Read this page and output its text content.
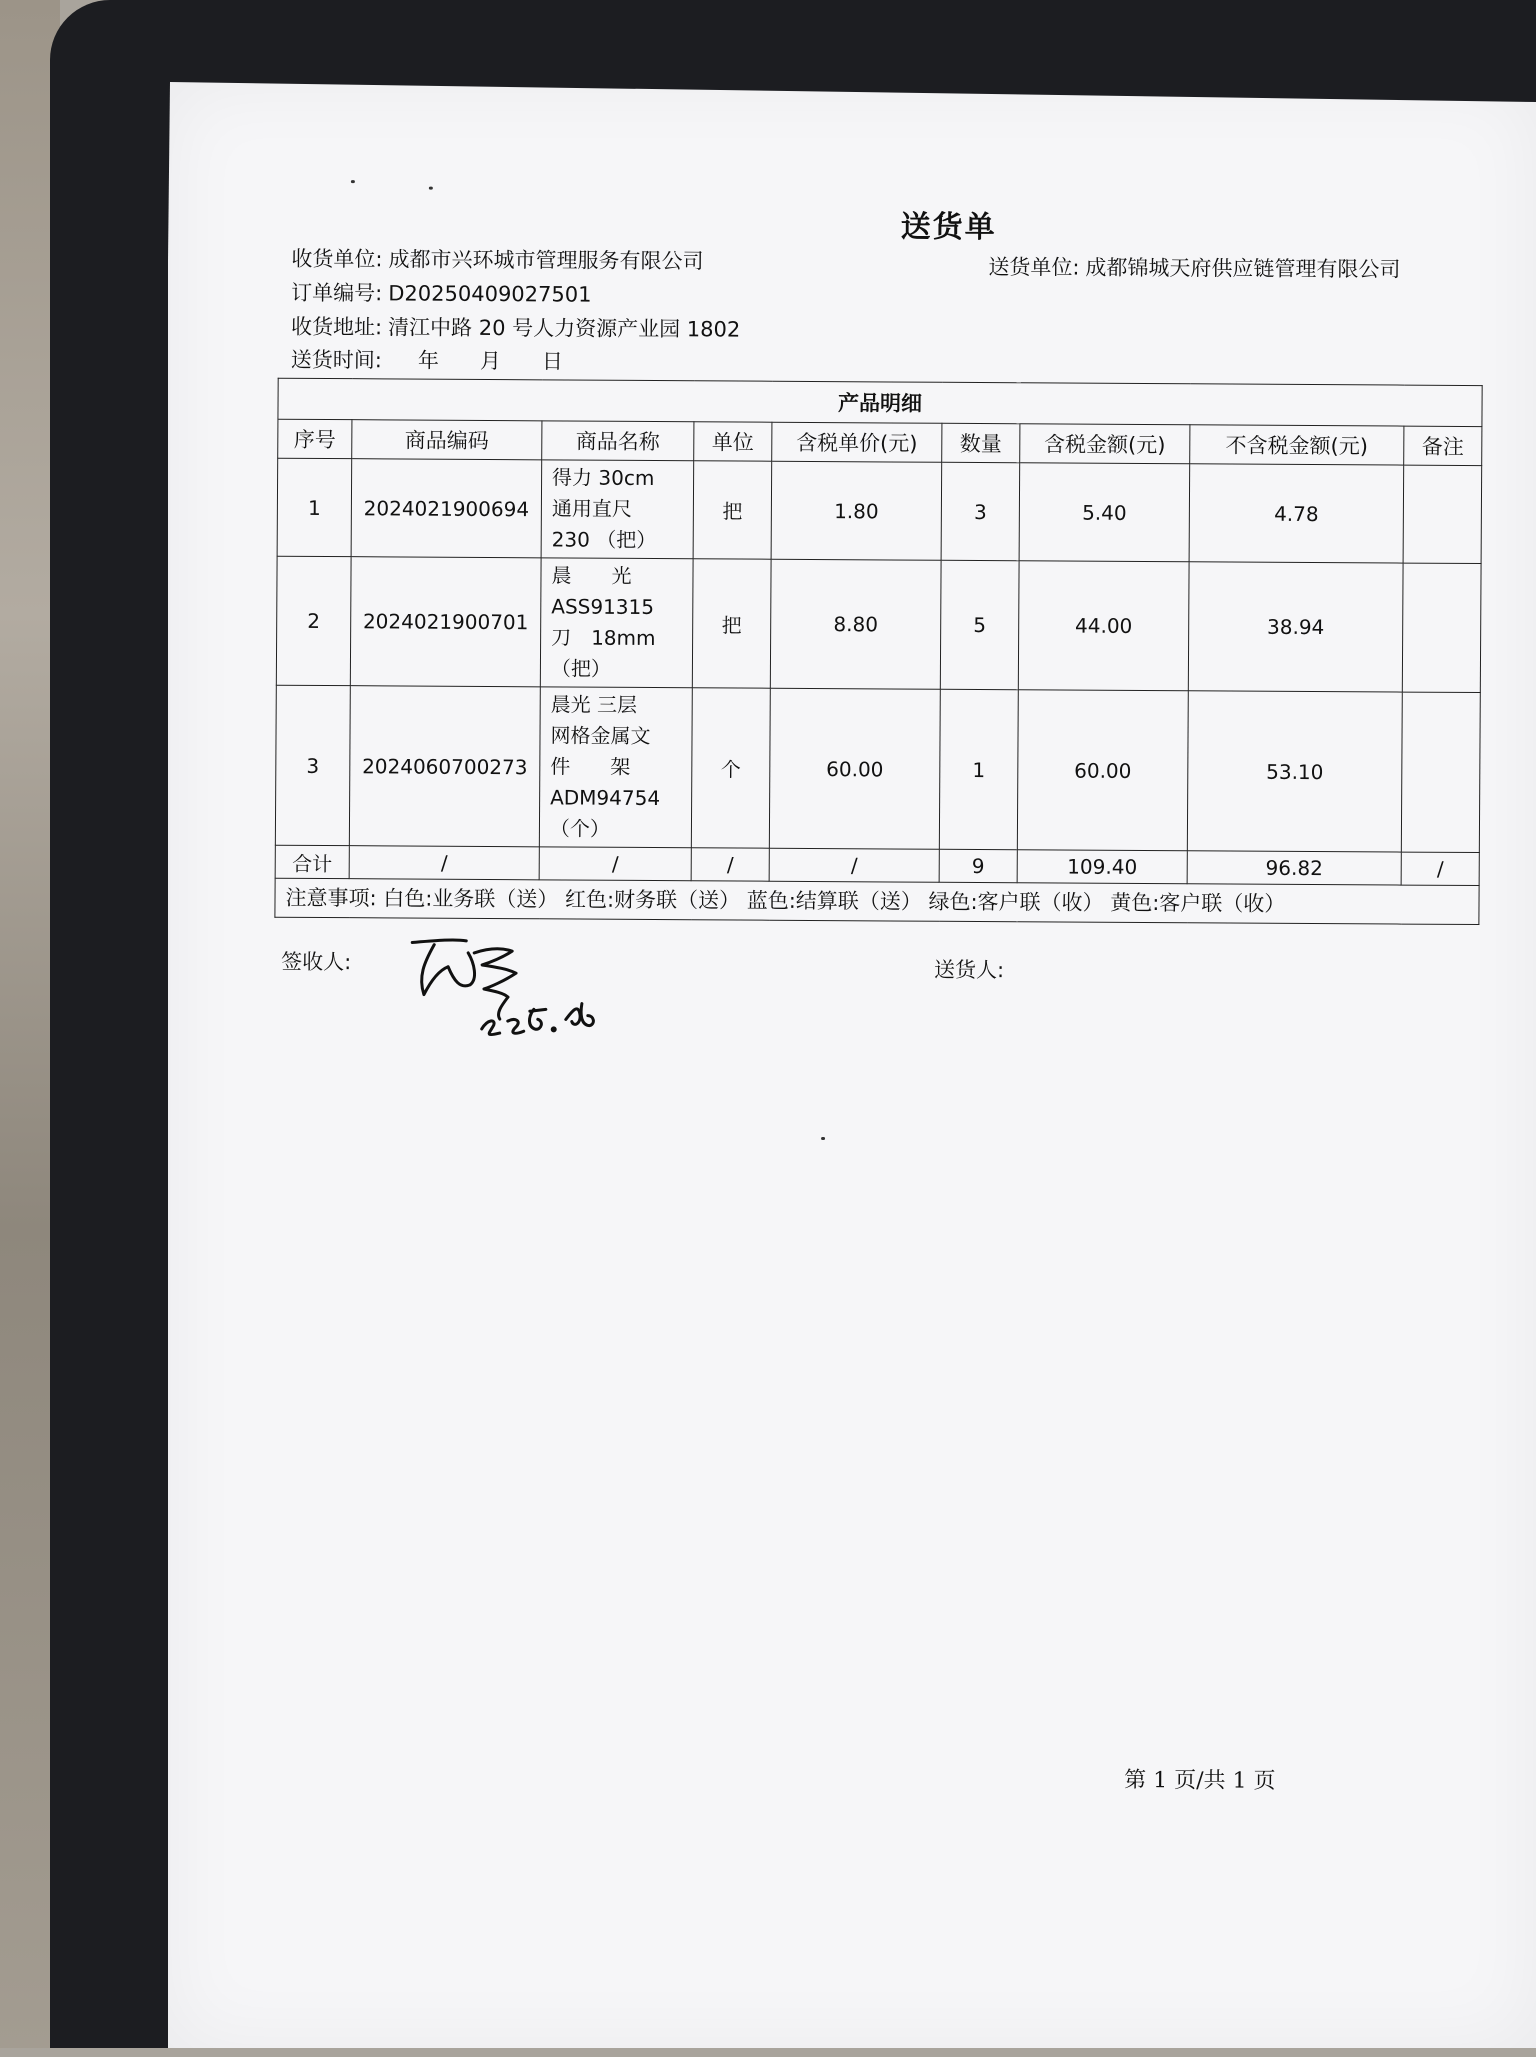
送货单
收货单位: 成都市兴环城市管理服务有限公司	送货单位: 成都锦城天府供应链管理有限公司
订单编号: D20250409027501
收货地址: 清江中路 20 号人力资源产业园 1802
送货时间: 年　月　日
产品明细								
序号	商品编码	商品名称	单位	含税单价(元)	数量	含税金额(元)	不含税金额(元)	备注
1	2024021900694	得力 30cm
通用直尺
230 （把）	把	1.80	3	5.40	4.78	
2	2024021900701	晨　　光
ASS91315
刀　18mm
（把）	把	8.80	5	44.00	38.94	
3	2024060700273	晨光 三层
网格金属文
件　　架
ADM94754
（个）	个	60.00	1	60.00	53.10	
合计	/	/	/	/	9	109.40	96.82	/
注意事项: 白色:业务联（送） 红色:财务联（送） 蓝色:结算联（送） 绿色:客户联（收） 黄色:客户联（收）								
签收人:	送货人:
第 1 页/共 1 页
